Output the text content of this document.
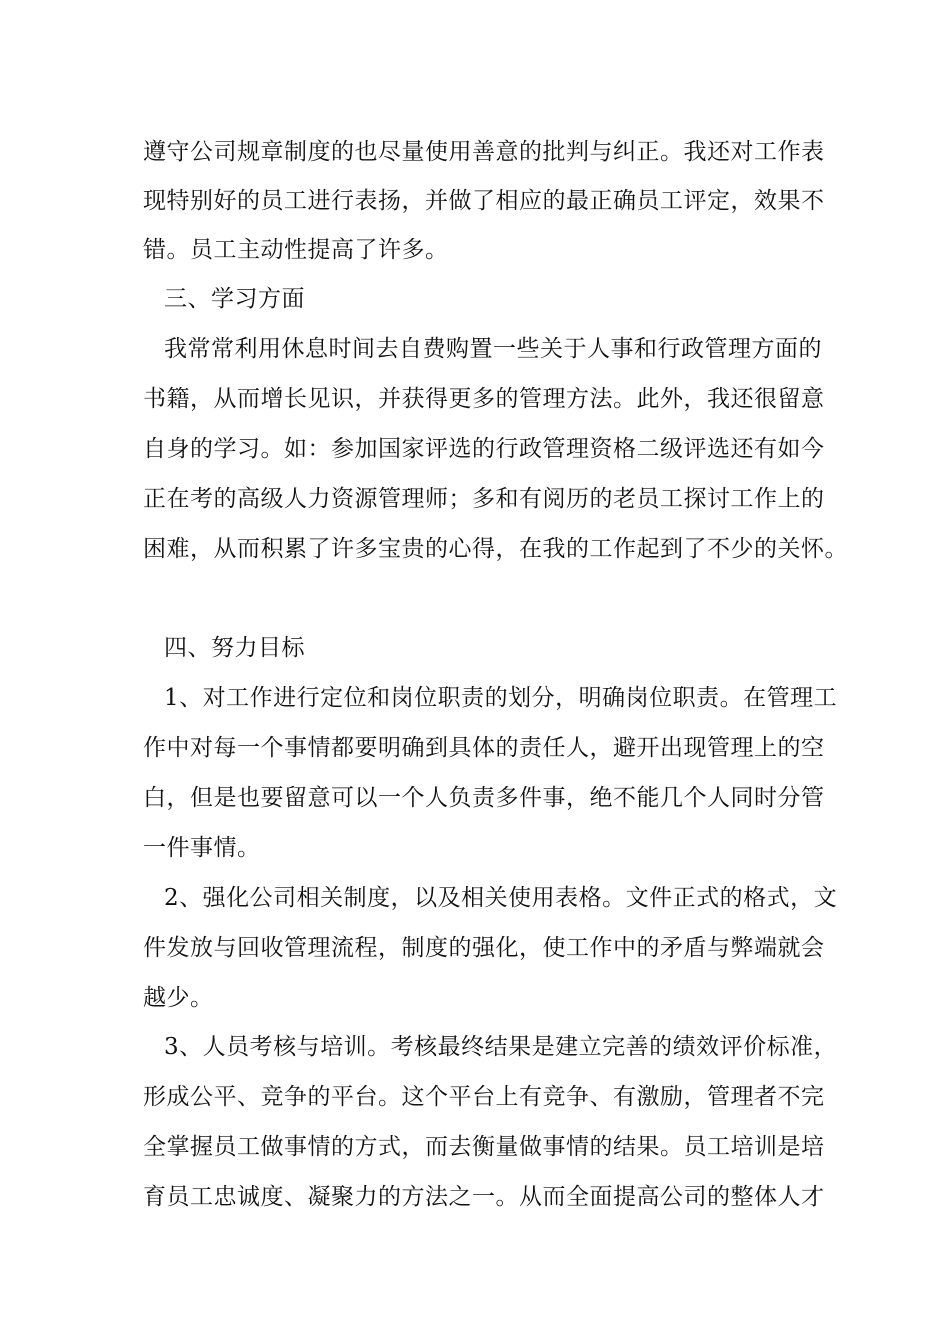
遵守公司规章制度的也尽量使用善意的批判与纠正。我还对工作表
现特别好的员工进行表扬，并做了相应的最正确员工评定，效果不
错。员工主动性提高了许多。
三、学习方面
我常常利用休息时间去自费购置一些关于人事和行政管理方面的
书籍，从而增长见识，并获得更多的管理方法。此外，我还很留意
自身的学习。如：参加国家评选的行政管理资格二级评选还有如今
正在考的高级人力资源管理师；多和有阅历的老员工探讨工作上的
困难，从而积累了许多宝贵的心得，在我的工作起到了不少的关怀。
四、努力目标
1、对工作进行定位和岗位职责的划分，明确岗位职责。在管理工
作中对每一个事情都要明确到具体的责任人，避开出现管理上的空
白，但是也要留意可以一个人负责多件事，绝不能几个人同时分管
一件事情。
2、强化公司相关制度，以及相关使用表格。文件正式的格式，文
件发放与回收管理流程，制度的强化，使工作中的矛盾与弊端就会
越少。
3、人员考核与培训。考核最终结果是建立完善的绩效评价标准，
形成公平、竞争的平台。这个平台上有竞争、有激励，管理者不完
全掌握员工做事情的方式，而去衡量做事情的结果。员工培训是培
育员工忠诚度、凝聚力的方法之一。从而全面提高公司的整体人才
